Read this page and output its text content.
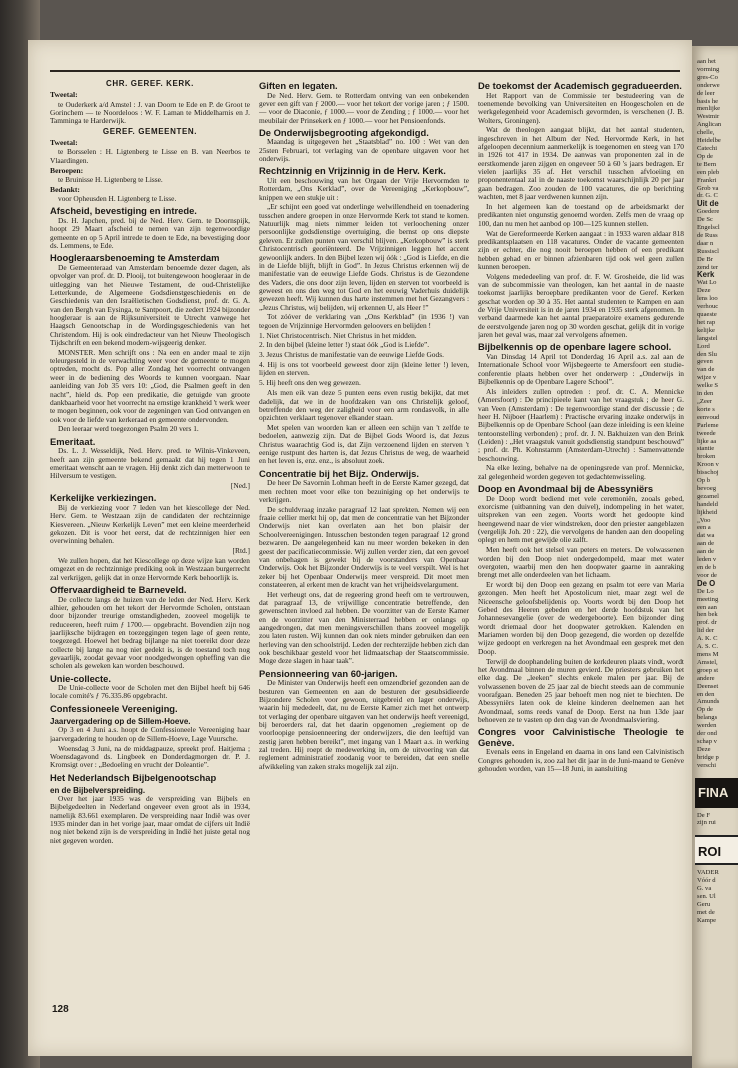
CHR. GEREF. KERK.
Tweetal:

te Ouderkerk a/d Amstel : J. van Doorn te Ede en P. de Groot te Gorinchem — te Noordeloos : W. F. Laman te Middelharnis en J. Tamminga te Harderwijk.

GEREF. GEMEENTEN.
Tweetal:

te Borsselen : H. Ligtenberg te Lisse en B. van Neerbos te Vlaardingen.

Beroepen:

te Bruinisse H. Ligtenberg te Lisse.

Bedankt:

voor Opheusden H. Ligtenberg te Lisse.

Afscheid, bevestiging en intrede.

Ds. H. Japchen, pred. bij de Ned. Herv. Gem. te Doornspijk, hoopt 29 Maart afscheid te nemen van zijn tegenwoordige gemeente en op 5 April intrede te doen te Ede, na bevestiging door ds. Lemmens, te Ede.

Hoogleraarsbenoeming te Amsterdam

De Gemeenteraad van Amsterdam benoemde dezer dagen, als opvolger van prof. dr. D. Plooij, tot buitengewoon hoogleraar in de uitlegging van het Nieuwe Testament, de oud-Christelijke Letterkunde, de Algemeene Godsdienstgeschiedenis en de Geschiedenis van den Israëlietischen Godsdienst, prof. dr. G. A. van den Bergh van Eysinga, te Santpoort, die zedert 1924 bijzonder hoogleraar is aan de Rijksuniversiteit te Utrecht vanwege het Haagsch Genootschap in de Wordingsgeschiedenis van het Christendom. Hij is ook eindredacteur van het Nieuw Theologisch Tijdschrift en een bekend modern-wijsgeerig denker.

MONSTER. Men schrijft ons : Na een en ander maal te zijn teleurgesteld in de verwachting weer voor de gemeente te mogen optreden, mocht ds. Pop aller Zondag het voorrecht ontvangen weer in de bediening des Woords te kunnen voorgaan. Naar aanleiding van Job 35 vers 10: „God, die Psalmen geeft in den nacht”, hield ds. Pop een predikatie, die getuigde van groote dankbaarheid voor het voorrecht na ernstige krankheid 't werk weer te mogen beginnen, ook voor de zegeningen van God ontvangen en ook voor de liefde van kerkeraad en gemeente ondervonden.

Den leeraar werd toegezongen Psalm 20 vers 1.

Emeritaat.

Ds. L. J. Wesseldijk, Ned. Herv. pred. te Wilnis-Vinkeveen, heeft aan zijn gemeente bekend gemaakt dat hij tegen 1 Juni emeritaat wenscht aan te vragen. Hij denkt zich dan metterwoon te Hilversum te vestigen.

[Ned.]

Kerkelijke verkiezingen.

Bij de verkiezing voor 7 leden van het kiescollege der Ned. Herv. Gem. te Westzaan zijn de candidaten der rechtzinnige Kiesvereen. „Nieuw Kerkelijk Leven” met een kleine meerderheid gekozen. Dit is voor het eerst, dat de rechtzinnigen hier een overwinning behalen.

[Rtd.]

We zullen hopen, dat het Kiescollege op deze wijze kan worden omgezet en de rechtzinnige prediking ook in Westzaan burgerrecht zal verkrijgen, gelijk dat in onze Hervormde Kerk behoorlijk is.

Offervaardigheid te Barneveld.

De collecte langs de huizen van de leden der Ned. Herv. Kerk alhier, gehouden om het tekort der Hervormde Scholen, ontstaan door bijzonder treurige omstandigheden, zooveel mogelijk te reduceeren, heeft ruim ƒ 1700.— opgebracht. Bovendien zijn nog jaarlijksche bijdragen en toezeggingen tegen lage of geen rente, toegezegd. Hoewel het bedrag bijlange na niet toereikt door deze collecte bij lange na nog niet gedekt is, is de toestand toch nog gevaarlijk, zoodat gevaar voor noodgedwongen opheffing van die scholen als geweken kan worden beschouwd.

Unie-collecte.

De Unie-collecte voor de Scholen met den Bijbel heeft bij 646 locale comité's ƒ 76.335.86 opgebracht.

Confessioneele Vereeniging.
Jaarvergadering op de Sillem-Hoeve.

Op 3 en 4 Juni a.s. hoopt de Confessioneele Vereeniging haar jaarvergadering te houden op de Sillem-Hoeve, Lage Vuursche.

Woensdag 3 Juni, na de middagpauze, spreekt prof. Haitjema ; Woensdagavond ds. Lingbeek en Donderdagmorgen dr. P. J. Kromsigt over : „Bedoeling en vrucht der Doleantie”.

Het Nederlandsch Bijbelgenootschap
en de Bijbelverspreiding.

Over het jaar 1935 was de verspreiding van Bijbels en Bijbelgedeelten in Nederland ongeveer even groot als in 1934, namelijk 83.661 exemplaren. De verspreiding naar Indië was over 1935 minder dan in het vorige jaar, maar omdat de cijfers uit Indië nog niet bekend zijn is de verspreiding in Indië het juiste getal nog niet gegeven worden.

Giften en legaten.

De Ned. Herv. Gem. te Rotterdam ontving van een onbekenden gever een gift van ƒ 2000.— voor het tekort der vorige jaren ; ƒ 1500.— voor de Diaconie, ƒ 1000.— voor de Zending ; ƒ 1000.— voor het meubilair der Prinsekerk en ƒ 1000.— voor het Pensioenfonds.

De Onderwijsbegrooting afgekondigd.

Maandag is uitgegeven het „Staatsblad” no. 100 : Wet van den 25sten Februari, tot verlaging van de openbare uitgaven voor het onderwijs.

Rechtzinnig en Vrijzinnig in de Herv. Kerk.

Uit een beschouwing van het Orgaan der Vrije Hervormden te Rotterdam, „Ons Kerklad”, over de Vereeniging „Kerkopbouw”, knippen we een stukje uit :

„Er schijnt een goed vat onderlinge welwillendheid en toenadering tusschen andere groepen in onze Hervormde Kerk tot stand te komen. Natuurlijk mag niets nimmer leiden tot verloochening onzer persoonlijke godsdienstige overtuiging, die bernst op ons diepste geleven. Er zullen punten van verschil blijven. „Kerkopbouw” is sterk Christocentrisch georiënteerd. De Vrijzinnigen leggen het accent gewoonlijk anders. In den Bijbel lezen wij óók : „God is Liefde, en die in de Liefde blijft, blijft in God”. In Jezus Christus erkennen wij de manifestatie van de eeuwige Liefde Gods. Christus is de Gezondene des Vaders, die ons door zijn leven, lijden en sterven tot voorbeeld is geweest en ons den weg tot God en het eeuwig Vaderhuis duidelijk gewezen heeft. Wij kunnen dus harte instemmen met het Gezangvers : „Jezus Christus, wij belijden, wij erkennen U, als Heer !”

Tot zóóver de verklaring van „Ons Kerkblad” (in 1936 !) van tegoen de Vrijzinnige Hervormden geloovers en belijden !

1. Niet Christocentrisch. Niet Christus in het midden.

2. In den bijbel (kleine letter !) staat óók „God is Liefde”.

3. Jezus Christus de manifestatie van de eeuwige Liefde Gods.

4. Hij is ons tot voorbeeld geweest door zijn (kleine letter !) leven, lijden en sterven.

5. Hij heeft ons den weg gewezen.

Als men eik van deze 5 punten eens even rustig bekijkt, dat met dadelijk, dat we in de hoofdzaken van ons Christelijk geloof, betreffende den weg der zaligheid voor een arm rondasvolk, in alle opzichten verklaart tegenover elkander staan.

Met spelen van woorden kan er alleen een schijn van 't zelfde te bedoelen, aanwezig zijn. Dat de Bijbel Gods Woord is, dat Jezus Christus waarachtig God is, dat Zijn verzoenend lijden en sterven 't eenige rustpunt des harten is, dat Jezus Christus de weg, de waarheid en het leven is, enz. enz., is absoluut zoek.

Concentratie bij het Bijz. Onderwijs.

De heer De Savornin Lohman heeft in de Eerste Kamer gezegd, dat men rechten moet voor elke ton bezuiniging op het onderwijs te verkrijgen.

De schuldvraag inzake paragraaf 12 laat sprekten. Nemen wij een fraaie cellier merkt hij op, dat men de concentratie van het Bijzonder Onderwijs niet kan overlaten aan het bon plaisir der Schoolvereenigingen. Intusschen bestonden tegen paragraaf 12 grond bezwaren. De aangelegenheid kan nu meer worden bekeken in den geest der pacificatiecommissie. Wij zullen verder zien, dat een gevoel van onbehagen is gewekt bij de voorstanders van Openbaar Onderwijs. Ook het Bijzonder Onderwijs is te veel verspilt. Wel is het zeker bij het Openbaar Onderwijs meer verspreid. Dit moet men constateeren, al erkent men de kracht van het vrijheidsvelargument.

Het verheugt ons, dat de regeering grond heeft om te vertrouwen, dat paragraaf 13, de vrijwillige concentratie betreffende, den gewenschten invloed zal hebben. De voorzitter van de Eerste Kamer en de voorzitter van den Ministerraad hebben er onlangs op aangedrongen, dat men meningsverschillen thans zooveel mogelijk zou laten rusten. Wij kunnen dan ook niets minder gebruiken dan een herleving van den schoolstrijd. Leden der rechterzijde hebben zich dan ook beschikbaar gesteld voor het lidmaatschap der Staatscommissie. Moge deze slagen in haar taak”.

Pensionneering van 60-jarigen.

De Minister van Onderwijs heeft een omzendbrief gezonden aan de besturen van Gemeenten en aan de besturen der gesubsidieerde Bijzondere Scholen voor gewoon, uitgebreid en lager onderwijs, waarin hij mededeelt, dat, nu de Eerste Kamer zich met het ontwerp tot verlaging der openbare uitgaven van het onderwijs heeft vereenigd, bij beroerders ral, dat het daarin opgenomen „regiement op de voorloopige pensioenneering der onderwijzers, die den leeftijd van zestig jaren hebben bereikt”, met ingang van 1 Maart a.s. in werking zal treden. Hij roept de medewerking in, om de uitvoering van dat reglement administratief zoodanig voor te bereiden, dat een snelle afwikkeling van zaken straks mogelijk zal zijn.

De toekomst der Academisch gegradueerden.

Het Rapport van de Commissie ter bestudeering van de toenemende bevolking van Universiteiten en Hoogescholen en de werkgelegenheid voor Academisch gevormden, is verschenen (J. B. Wolters, Groningen).

Wat de theologen aangaat blijkt, dat het aantal studenten, ingeschreven in het Album der Ned. Hervormde Kerk, in het afgeloopen decennium aanmerkelijk is toegenomen en steeg van 170 in 1926 tot 417 in 1934. De aanwas van proponenten zal in de eerstkomende jaren zijgen en ongeveer 50 à 60 's jaars bedragen. Er vielen jaarlijks 35 af. Het verschil tusschen afvloeiing en proponententaal zal in de naaste toekomst waarschijnlijk 20 per jaar gaan bedragen. Zoo zouden de 100 vacatures, die op berichting wachten, met 8 jaar verdwenen kunnen zijn.

In het algemeen kan de toestand op de arbeidsmarkt der predikanten niet ongunstig genoemd worden. Zelfs men de vraag op 100, dan nu men het aanbod op 100—125 kunnen stellen.

Wat de Gereformeerde Kerken aangaat : in 1933 waren aldaar 818 predikantsplaatsen en 118 vacatures. Onder de vacante gemeenten zijn er echter, die nog nooit beroepen hebben of een predikant hebben gehad en er binnen afzienbaren tijd ook wel geen zullen kunnen beroepen.

Volgens mededeeling van prof. dr. F. W. Grosheide, die lid was van de subcommissie van theologen, kan het aantal in de naaste toekomst jaarlijks beroepbare predikanten voor de Geref. Kerken geschat worden op 30 à 35. Het aantal studenten te Kampen en aan de Vrije Universiteit is in de jaren 1934 en 1935 sterk afgenomen. In verband daarmede kan het aantal praeparatoire examens gedurende de eerstvolgende jaren nog op 30 worden geschat, gelijk dit in vorige jaren het geval was, maar zal vervolgens afnemen.

Bijbelkennis op de openbare lagere school.

Van Dinsdag 14 April tot Donderdag 16 April a.s. zal aan de Internationale School voor Wijsbegeerte te Amersfoort een studie-conferentie plaats hebben over het onderwerp : „Onderwijs in Bijbelkennis op de Openbare Lagere School”.

Als inleiders zullen optreden : prof. dr. C. A. Mennicke (Amersfoort) : De principieele kant van het vraagstuk ; de heer G. van Veen (Amsterdam) : De tegenwoordige stand der discussie ; de heer H. Nijboer (Haarlem) : Practische ervaring inzake onderwijs in Bijbelkennis op de Openbare School (aan deze inleiding is een kleine tentoonstelling verbonden) ; prof. dr. J. N. Bakhuizen van den Brink (Leiden) : „Het vraagstuk vanuit godsdienstig standpunt beschouwd” ; prof. dr. Ph. Kohnstamm (Amsterdam-Utrecht) : Samenvattende beschouwing.

Na elke lezing, behalve na de openingsrede van prof. Mennicke, zal gelegenheid worden gegeven tot gedachtenwisseling.

Doop en Avondmaal bij de Abessyniërs

De Doop wordt bediend met vele ceremoniën, zooals gebed, exorcisme (uitbanning van den duivel), indompeling in het water, uitspreken van een zegen. Voorts wordt het gedoopte kind heengewend naar de vier windstreken, door den priester aangeblazen (vergelijk Joh. 20 : 22), die vervolgens de handen aan den doopeling oplegt en hem met gewijde olie zalft.

Men heeft ook het stelsel van peters en meters. De volwassenen worden bij den Doop niet ondergedompeld, maar met water overgoten, waarbij men den hen doopwater gaarne in aanraking brengt met alle onderdeelen van het lichaam.

Er wordt bij den Doop een gezang en psalm tot eere van Maria gezongen. Men heeft het Apostolicum niet, maar zegt wel de Niceensche geloofsbelijdenis op. Voorts wordt bij den Doop het Gebed des Heeren gebeden en het derde hoofdstuk van het Johannesevangelie (over de wedergeboorte). Een bijzonder ding wordt driemaal door het doopwater getrokken. Kalenden en Mariamen worden bij den Doop gezegend, die worden op dezelfde wijze gedoopt en verkregen na het Avondmaal een gesprek met den Doop.

Terwijl de doophandeling buiten de kerkdeuren plaats vindt, wordt het Avondmaal binnen de muren gevierd. De priesters gebruiken het elke dag. De „leeken” slechts enkele malen per jaar. Bij de volwassenen boven de 25 jaar zal de biecht steeds aan de communie voorafgaan. Beneden 25 jaar behoeft men nog niet te biechten. De Abessyniërs laten ook de kleine kinderen deelnemen aan het Avondmaal, soms reeds vanaf de Doop. Eerst na hun 13de jaar behoeven ze te vasten op den dag van de Avondmaalsviering.

Congres voor Calvinistische Theologie te Genève.

Evenals eens in Engeland en daarna in ons land een Calvinistisch Congres gehouden is, zoo zal het dit jaar in de Juni-maand te Genève gehouden worden, van 15—18 Juni, in aansluiting

128
aan het
vorming
gres-Co
onderwe
de leer
basis he
menlijke
Westmir
Anglican
chelle,
Heidelbe
Catechi
Op de
te Bern
een pleb
Frankri
Grob va
dr. G. C
Uit de
Goedere
De Sc
Engelscl
de Russ
daar n
Russiscl
De Br
zend ter
Kerk
Wat Lo
Deze
lens loo
verhouc
quaeste
het rap
kelijke
langstel
Lord
den Slu
geven
van de
wijze v
welke S
in den
„Zeer
korte s
eenvoud
Parleme
tweede
lijke aa
stantie
broken
Kroon v
bisschoj
Op b
bevoeg
gezamel
handeld
lijkheid
„Voo
een a
dat wa
aan de
aan de
leden v
en de b
voor de
De O
De Lo
meeting
een aan
hen bek
prof. dr
lid der
A. K. C
A. S. C.
mens M
Amstel,
groep st
andere
Deenset
en den
Amunds
Op de
belangs
werden
der ond
schap v
Deze
bridge p
verschi
FINA
De F
zijn rui
ROI
VADER
Vóór d
G. va
sen. Ul
Geru
met de
Kampe
